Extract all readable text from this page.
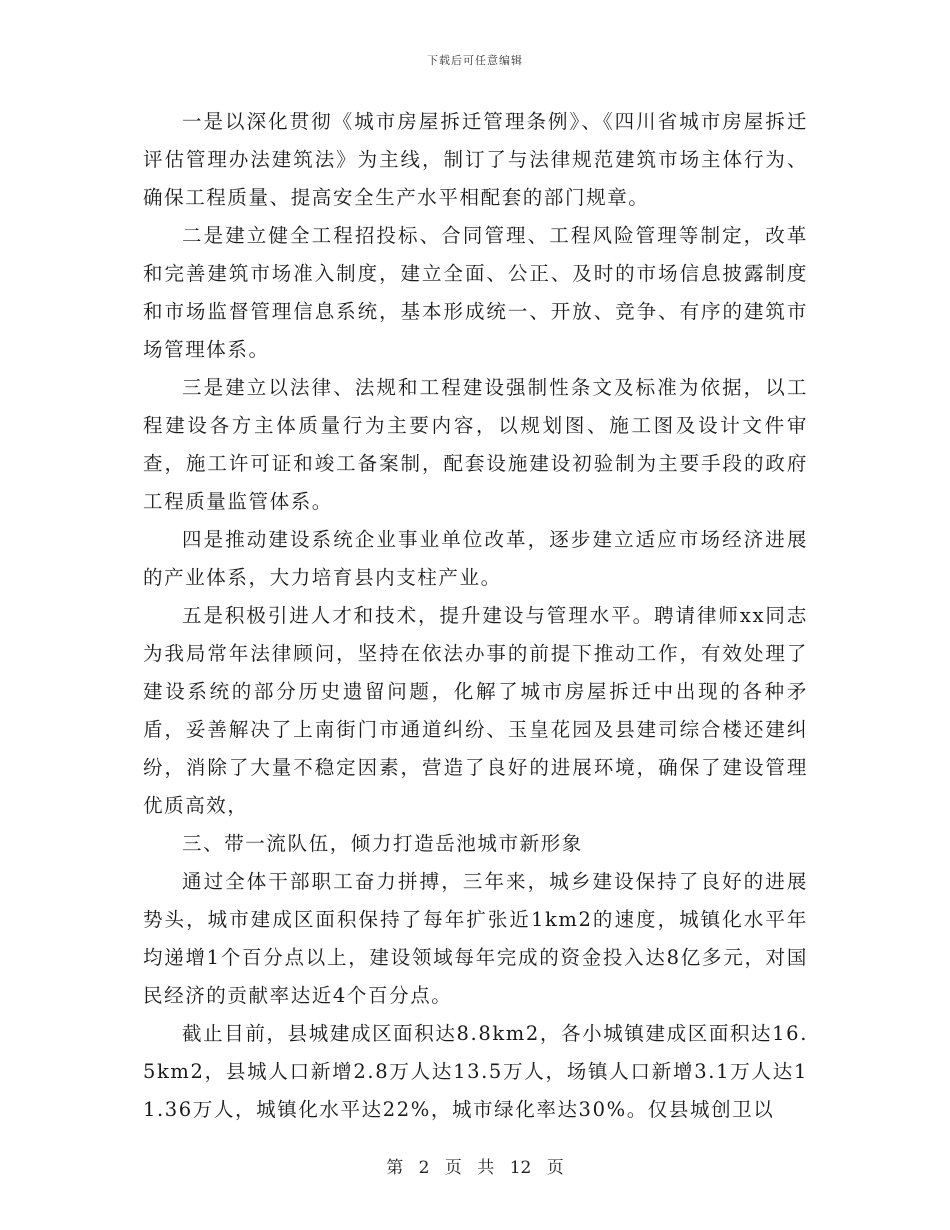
下载后可任意编辑

一是以深化贯彻《城市房屋拆迁管理条例》、《四川省城市房屋拆迁评估管理办法建筑法》为主线，制订了与法律规范建筑市场主体行为、确保工程质量、提高安全生产水平相配套的部门规章。

二是建立健全工程招投标、合同管理、工程风险管理等制定，改革和完善建筑市场准入制度，建立全面、公正、及时的市场信息披露制度和市场监督管理信息系统，基本形成统一、开放、竞争、有序的建筑市场管理体系。

三是建立以法律、法规和工程建设强制性条文及标准为依据，以工程建设各方主体质量行为主要内容，以规划图、施工图及设计文件审查，施工许可证和竣工备案制，配套设施建设初验制为主要手段的政府工程质量监管体系。

四是推动建设系统企业事业单位改革，逐步建立适应市场经济进展的产业体系，大力培育县内支柱产业。

五是积极引进人才和技术，提升建设与管理水平。聘请律师xx同志为我局常年法律顾问，坚持在依法办事的前提下推动工作，有效处理了建设系统的部分历史遗留问题，化解了城市房屋拆迁中出现的各种矛盾，妥善解决了上南街门市通道纠纷、玉皇花园及县建司综合楼还建纠纷，消除了大量不稳定因素，营造了良好的进展环境，确保了建设管理优质高效，

三、带一流队伍，倾力打造岳池城市新形象

通过全体干部职工奋力拼搏，三年来，城乡建设保持了良好的进展势头，城市建成区面积保持了每年扩张近1km2的速度，城镇化水平年均递增1个百分点以上，建设领域每年完成的资金投入达8亿多元，对国民经济的贡献率达近4个百分点。

截止目前，县城建成区面积达8.8km2，各小城镇建成区面积达16.5km2，县城人口新增2.8万人达13.5万人，场镇人口新增3.1万人达11.36万人，城镇化水平达22%，城市绿化率达30%。仅县城创卫以

第 2 页 共 12 页
